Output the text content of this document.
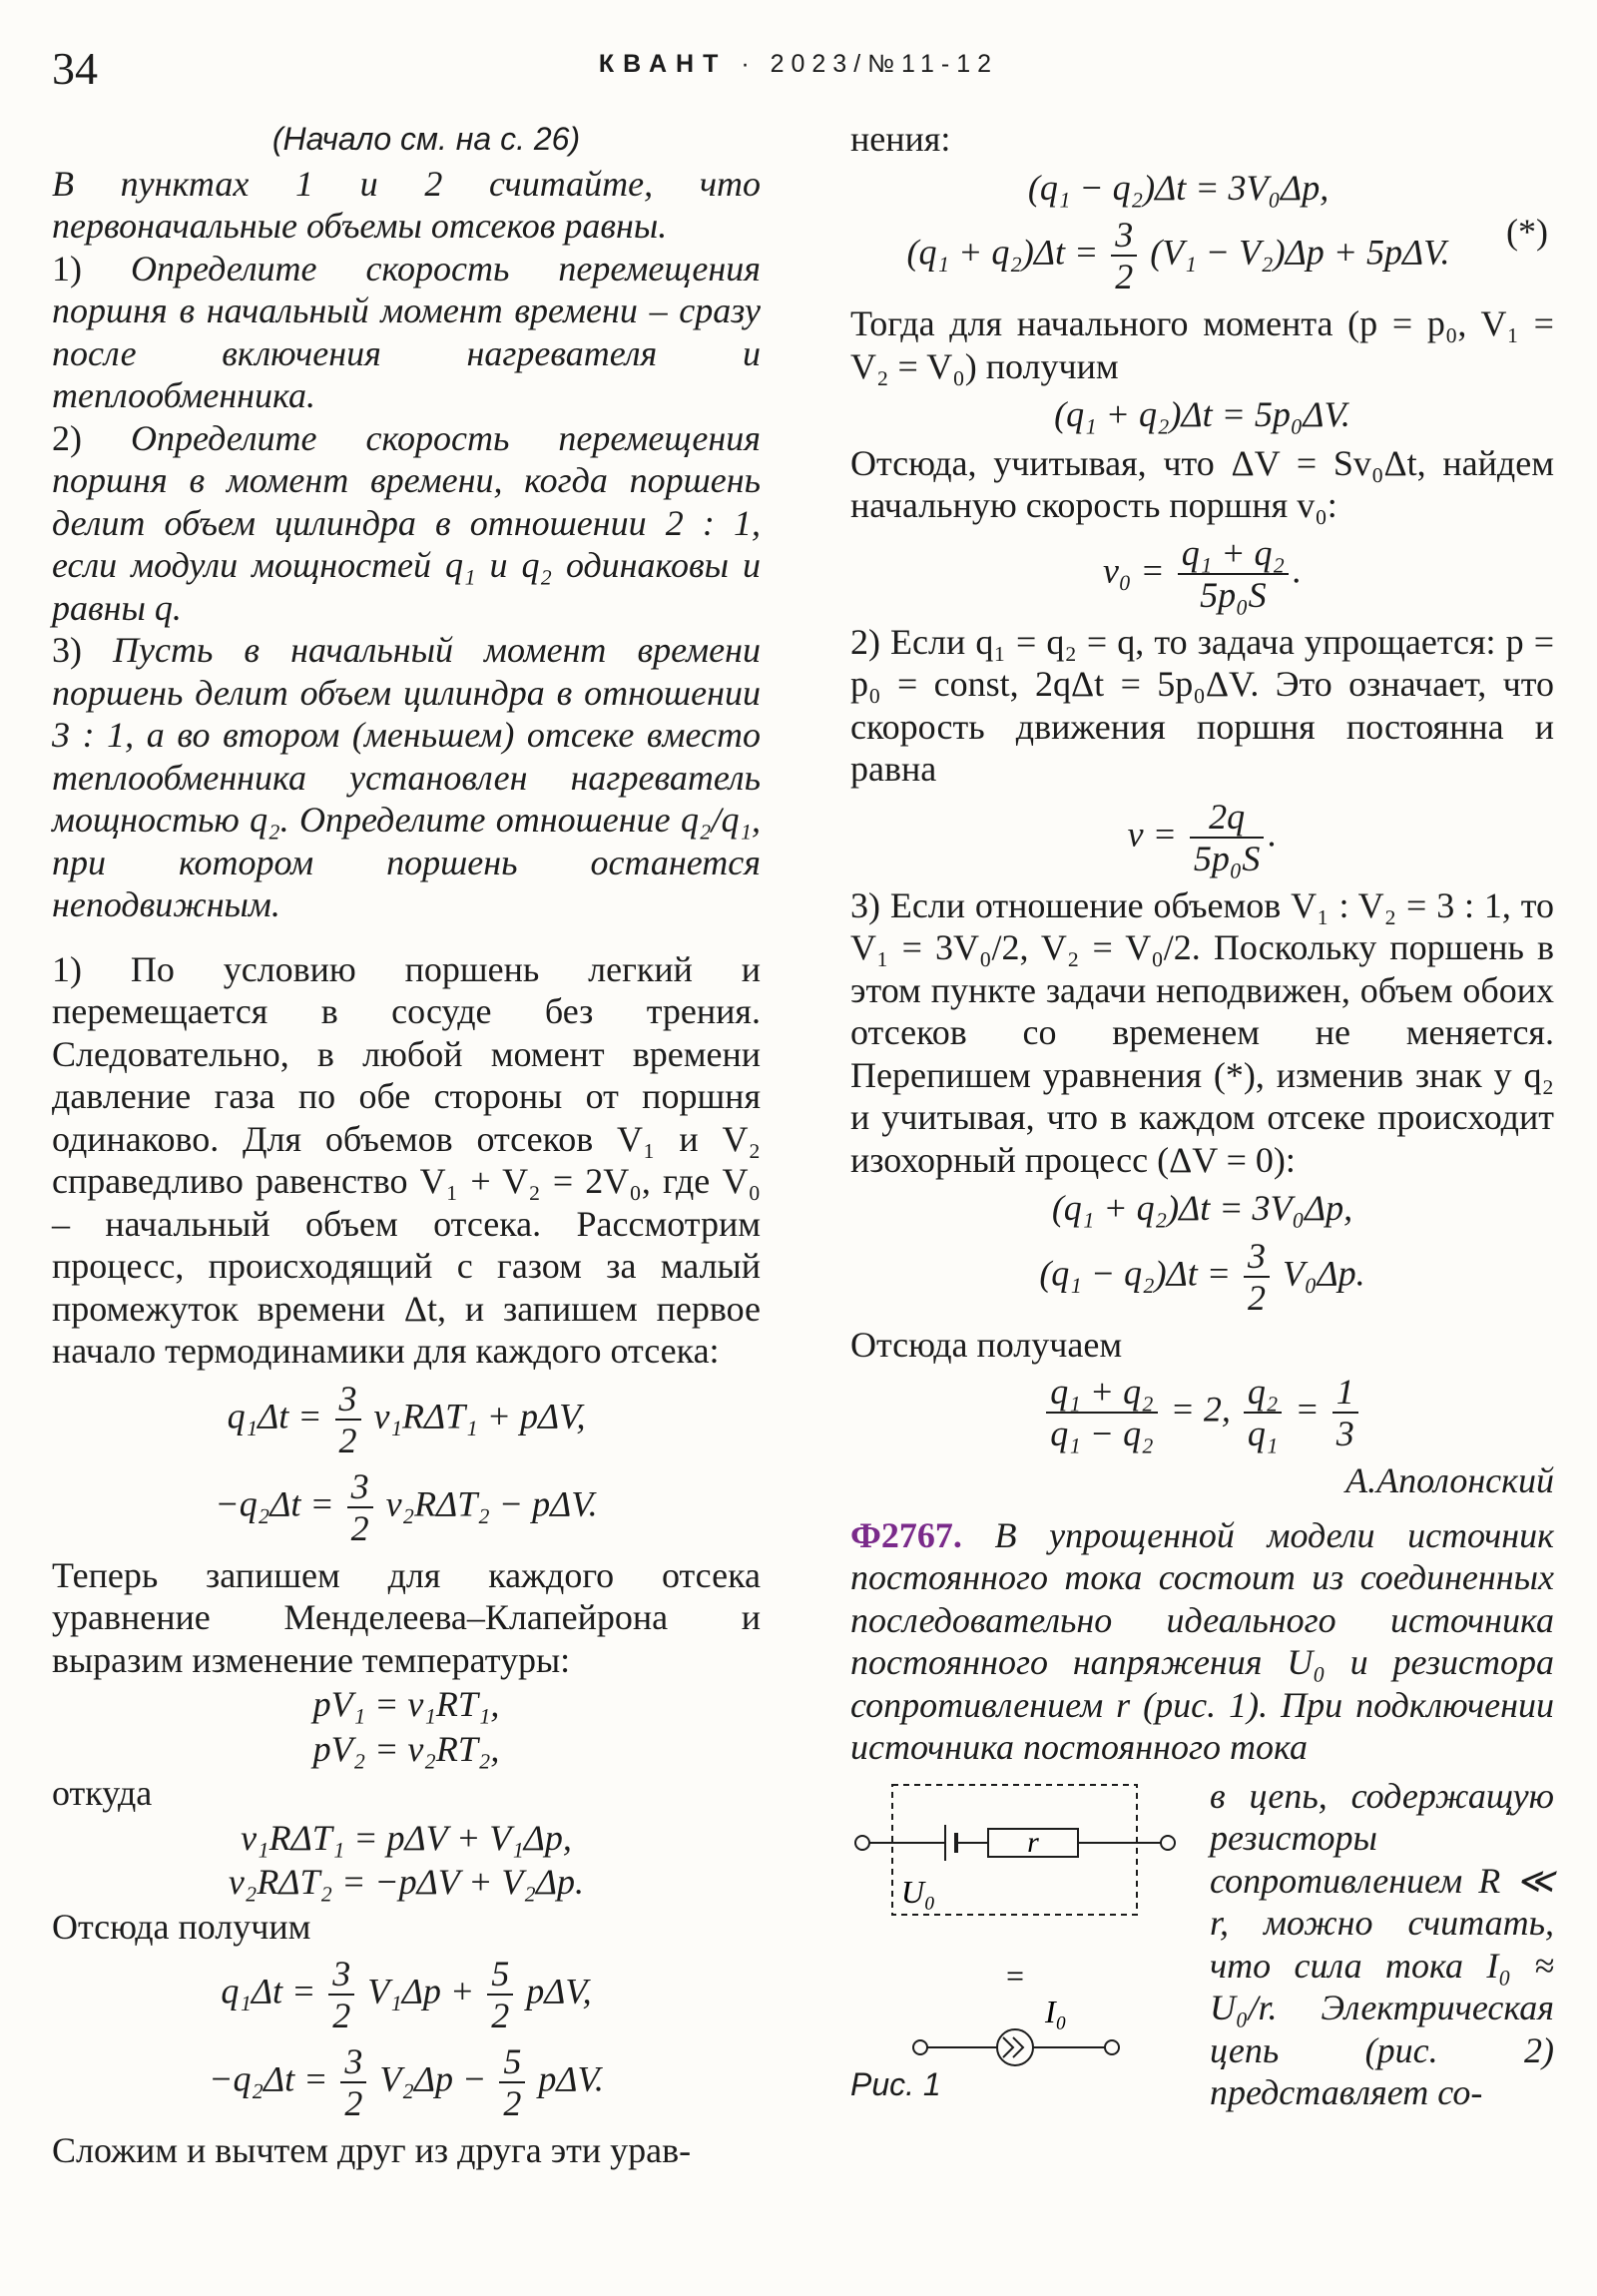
34	КВАНТ · 2023/№11-12

(Начало см. на с. 26)

В пунктах 1 и 2 считайте, что первоначальные объемы отсеков равны.

1) Определите скорость перемещения поршня в начальный момент времени – сразу после включения нагревателя и теплообменника.

2) Определите скорость перемещения поршня в момент времени, когда поршень делит объем цилиндра в отношении 2 : 1, если модули мощностей q₁ и q₂ одинаковы и равны q.

3) Пусть в начальный момент времени поршень делит объем цилиндра в отношении 3 : 1, а во втором (меньшем) отсеке вместо теплообменника установлен нагреватель мощностью q₂. Определите отношение q₂/q₁, при котором поршень останется неподвижным.

1) По условию поршень легкий и перемещается в сосуде без трения. Следовательно, в любой момент времени давление газа по обе стороны от поршня одинаково. Для объемов отсеков V₁ и V₂ справедливо равенство V₁ + V₂ = 2V₀, где V₀ – начальный объем отсека. Рассмотрим процесс, происходящий с газом за малый промежуток времени Δt, и запишем первое начало термодинамики для каждого отсека:

$q_1\Delta t = \frac{3}{2} \nu_1R\Delta T_1 + p\Delta V$,
$-q_2\Delta t = \frac{3}{2} \nu_2R\Delta T_2 - p\Delta V$.

Теперь запишем для каждого отсека уравнение Менделеева–Клапейрона и выразим изменение температуры:

pV₁ = ν₁RT₁,
pV₂ = ν₂RT₂,

откуда

ν₁RΔT₁ = pΔV + V₁Δp,
ν₂RΔT₂ = −pΔV + V₂Δp.

Отсюда получим

$q_1\Delta t = \frac{3}{2} V_1\Delta p + \frac{5}{2} p\Delta V$,
$-q_2\Delta t = \frac{3}{2} V_2\Delta p - \frac{5}{2} p\Delta V$.

Сложим и вычтем друг из друга эти урав-

нения:

(q₁ − q₂)Δt = 3V₀Δp,
$(q_1 + q_2)\Delta t = \frac{3}{2} (V_1 - V_2)\Delta p + 5p\Delta V$.
(*)

Тогда для начального момента (p = p₀, V₁ = V₂ = V₀) получим

(q₁ + q₂)Δt = 5p₀ΔV.

Отсюда, учитывая, что ΔV = Sv₀Δt, найдем начальную скорость поршня v₀:

$v_0 = \frac{\text{q₁ + q₂}}{\text{5p₀S}}$ .

2) Если q₁ = q₂ = q, то задача упрощается: p = p₀ = const, 2qΔt = 5p₀ΔV. Это означает, что скорость движения поршня постоянна и равна

$v = \frac{2q}{\text{5p₀S}}$ .

3) Если отношение объемов V₁ : V₂ = 3 : 1, то V₁ = 3V₀/2, V₂ = V₀/2. Поскольку поршень в этом пункте задачи неподвижен, объем обоих отсеков со временем не меняется. Перепишем уравнения (*), изменив знак у q₂ и учитывая, что в каждом отсеке происходит изохорный процесс (ΔV = 0):

(q₁ + q₂)Δt = 3V₀Δp,
$(q_1 - q_2)\Delta t = \frac{3}{2} V_0\Delta p$.

Отсюда получаем

$\frac{\text{q₁ + q₂}}{\text{q₁ − q₂}} = 2$, $\frac{\text{q₂}}{\text{q₁}} = \frac{1}{3}$

А.Аполонский

Ф2767. В упрощенной модели источник постоянного тока состоит из соединенных последовательно идеального источника постоянного напряжения U₀ и резистора сопротивлением r (рис. 1). При подключении источника постоянного тока

r
U₀
=
I₀
Рис. 1

в цепь, содержащую резисторы сопротивлением R ≪ r, можно считать, что сила тока I₀ ≈ U₀/r. Электрическая цепь (рис. 2) представляет со-
